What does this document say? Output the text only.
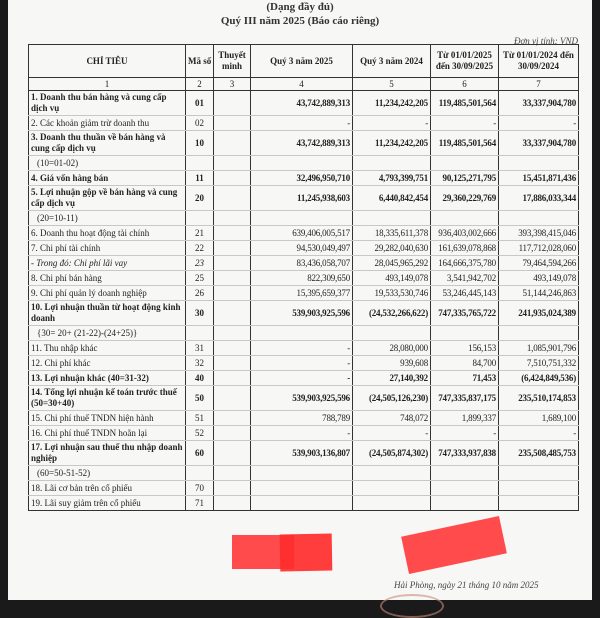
(Dạng đầy đủ)
Quý III năm 2025 (Báo cáo riêng)
Đơn vị tính: VND
CHỈ TIÊU	Mã số	Thuyết minh	Quý 3 năm 2025	Quý 3 năm 2024	Từ 01/01/2025 đến 30/09/2025	Từ 01/01/2024 đến 30/09/2024
1	2	3	4	5	6	7
1. Doanh thu bán hàng và cung cấp dịch vụ	01		43,742,889,313	11,234,242,205	119,485,501,564	33,337,904,780
2. Các khoản giảm trừ doanh thu	02		-	-	-	-
3. Doanh thu thuần về bán hàng và cung cấp dịch vụ	10		43,742,889,313	11,234,242,205	119,485,501,564	33,337,904,780
(10=01-02)						
4. Giá vốn hàng bán	11		32,496,950,710	4,793,399,751	90,125,271,795	15,451,871,436
5. Lợi nhuận gộp về bán hàng và cung cấp dịch vụ	20		11,245,938,603	6,440,842,454	29,360,229,769	17,886,033,344
(20=10-11)						
6. Doanh thu hoạt động tài chính	21		639,406,005,517	18,335,611,378	936,403,002,666	393,398,415,046
7. Chi phí tài chính	22		94,530,049,497	29,282,040,630	161,639,078,868	117,712,028,060
- Trong đó: Chi phí lãi vay	23		83,436,058,707	28,045,965,292	164,666,375,780	79,464,594,266
8. Chi phí bán hàng	25		822,309,650	493,149,078	3,541,942,702	493,149,078
9. Chi phí quản lý doanh nghiệp	26		15,395,659,377	19,533,530,746	53,246,445,143	51,144,246,863
10. Lợi nhuận thuần từ hoạt động kinh doanh	30		539,903,925,596	(24,532,266,622)	747,335,765,722	241,935,024,389
{30= 20+ (21-22)-(24+25)}						
11. Thu nhập khác	31		-	28,080,000	156,153	1,085,901,796
12. Chi phí khác	32		-	939,608	84,700	7,510,751,332
13. Lợi nhuận khác (40=31-32)	40		-	27,140,392	71,453	(6,424,849,536)
14. Tổng lợi nhuận kế toán trước thuế (50=30+40)	50		539,903,925,596	(24,505,126,230)	747,335,837,175	235,510,174,853
15. Chi phí thuế TNDN hiện hành	51		788,789	748,072	1,899,337	1,689,100
16. Chi phí thuế TNDN hoãn lại	52		-	-	-	-
17. Lợi nhuận sau thuế thu nhập doanh nghiệp	60		539,903,136,807	(24,505,874,302)	747,333,937,838	235,508,485,753
(60=50-51-52)						
18. Lãi cơ bản trên cổ phiếu	70					
19. Lãi suy giảm trên cổ phiếu	71					
Hải Phòng, ngày 21 tháng 10 năm 2025
